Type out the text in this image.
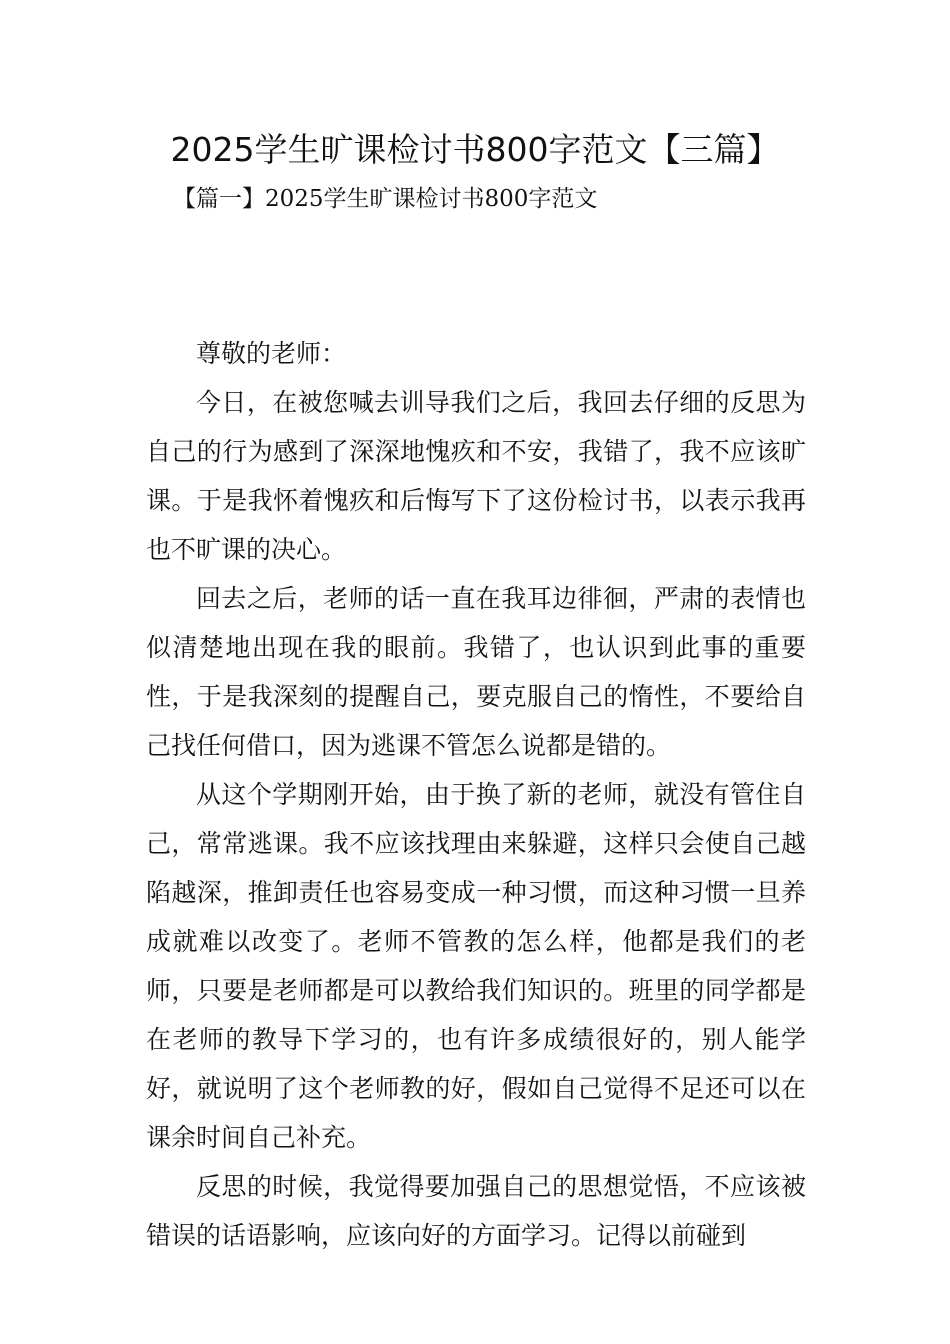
2025学生旷课检讨书800字范文【三篇】
【篇一】2025学生旷课检讨书800字范文

尊敬的老师：

今日，在被您喊去训导我们之后，我回去仔细的反思为自己的行为感到了深深地愧疚和不安，我错了，我不应该旷课。于是我怀着愧疚和后悔写下了这份检讨书，以表示我再也不旷课的决心。

回去之后，老师的话一直在我耳边徘徊，严肃的表情也似清楚地出现在我的眼前。我错了，也认识到此事的重要性，于是我深刻的提醒自己，要克服自己的惰性，不要给自己找任何借口，因为逃课不管怎么说都是错的。

从这个学期刚开始，由于换了新的老师，就没有管住自己，常常逃课。我不应该找理由来躲避，这样只会使自己越陷越深，推卸责任也容易变成一种习惯，而这种习惯一旦养成就难以改变了。老师不管教的怎么样，他都是我们的老师，只要是老师都是可以教给我们知识的。班里的同学都是在老师的教导下学习的，也有许多成绩很好的，别人能学好，就说明了这个老师教的好，假如自己觉得不足还可以在课余时间自己补充。

反思的时候，我觉得要加强自己的思想觉悟，不应该被错误的话语影响，应该向好的方面学习。记得以前碰到
